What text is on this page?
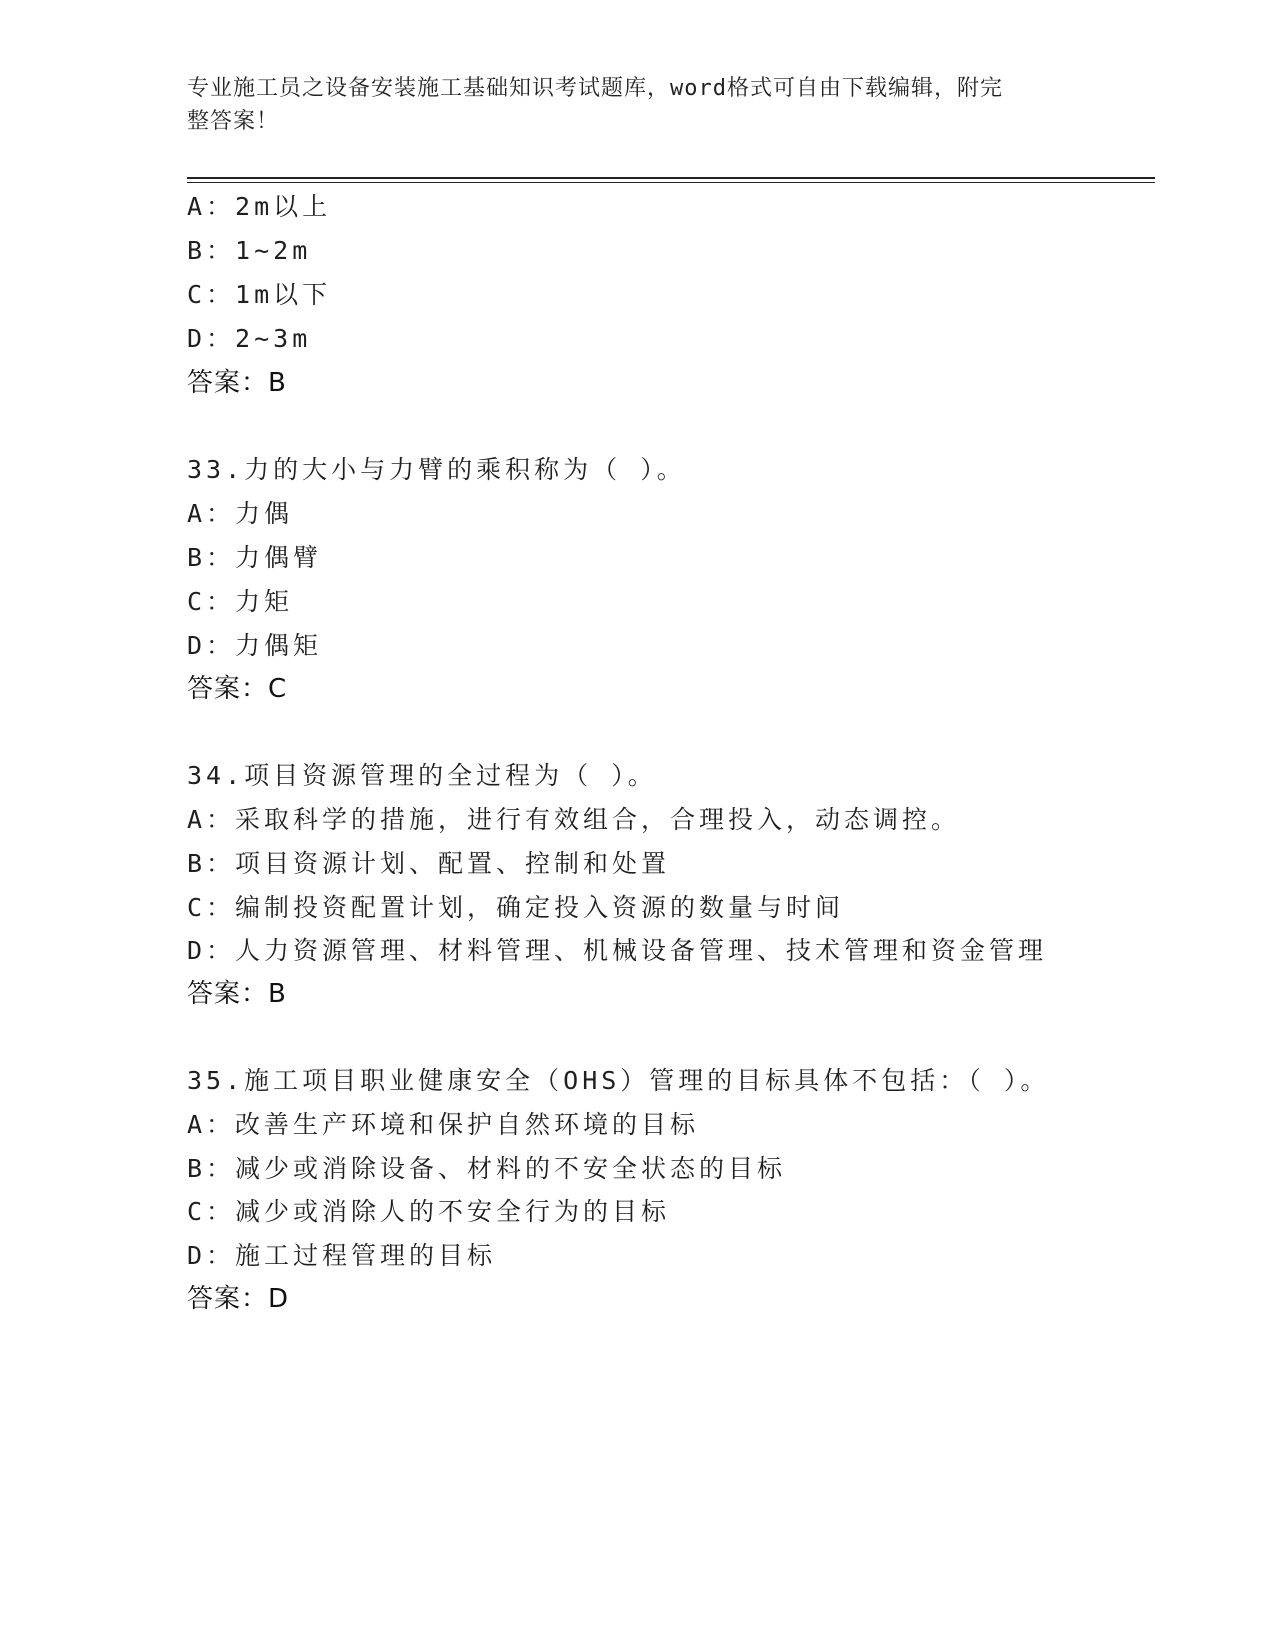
专业施工员之设备安装施工基础知识考试题库，word格式可自由下载编辑，附完
整答案！
A：2m以上
B：1~2m
C：1m以下
D：2~3m
答案：B
33.力的大小与力臂的乘积称为（ ）。
A：力偶
B：力偶臂
C：力矩
D：力偶矩
答案：C
34.项目资源管理的全过程为（ ）。
A：采取科学的措施，进行有效组合，合理投入，动态调控。
B：项目资源计划、配置、控制和处置
C：编制投资配置计划，确定投入资源的数量与时间
D：人力资源管理、材料管理、机械设备管理、技术管理和资金管理
答案：B
35.施工项目职业健康安全（OHS）管理的目标具体不包括：（ ）。
A：改善生产环境和保护自然环境的目标
B：减少或消除设备、材料的不安全状态的目标
C：减少或消除人的不安全行为的目标
D：施工过程管理的目标
答案：D
